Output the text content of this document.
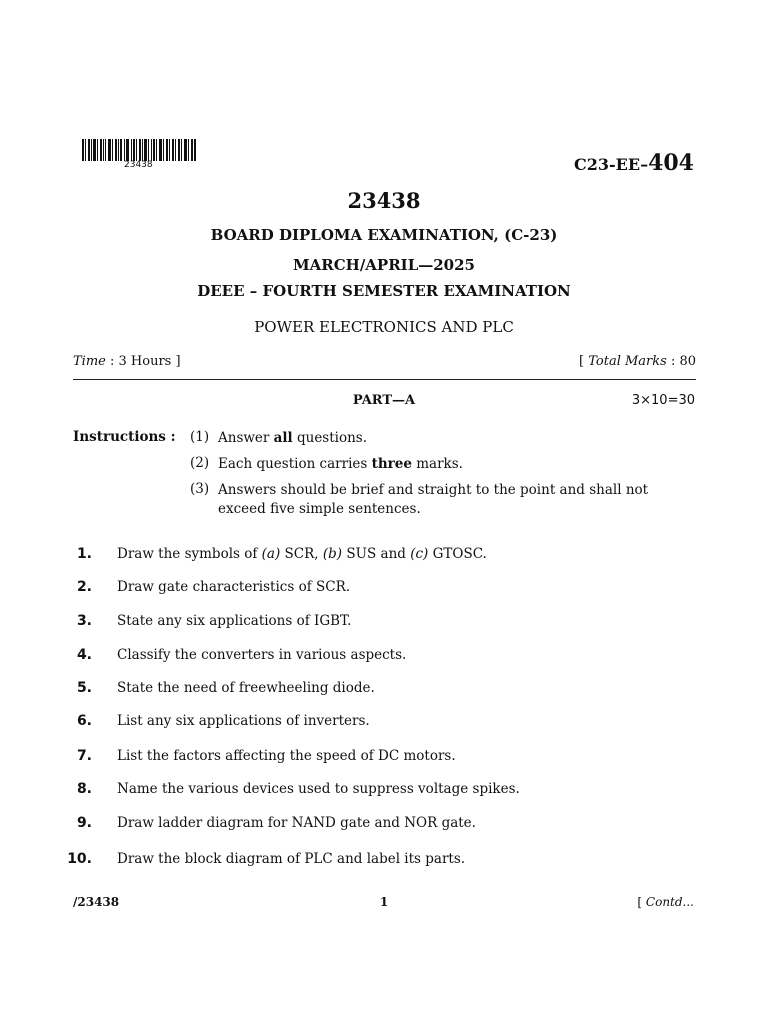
23438	C23-EE–404
23438
BOARD DIPLOMA EXAMINATION, (C-23)
MARCH/APRIL—2025
DEEE – FOURTH SEMESTER EXAMINATION
POWER ELECTRONICS AND PLC
Time : 3 Hours ]	[ Total Marks : 80
PART—A	3×10=30
Instructions : (1) Answer all questions.
(2) Each question carries three marks.
(3) Answers should be brief and straight to the point and shall not exceed five simple sentences.
1. Draw the symbols of (a) SCR, (b) SUS and (c) GTOSC.
2. Draw gate characteristics of SCR.
3. State any six applications of IGBT.
4. Classify the converters in various aspects.
5. State the need of freewheeling diode.
6. List any six applications of inverters.
7. List the factors affecting the speed of DC motors.
8. Name the various devices used to suppress voltage spikes.
9. Draw ladder diagram for NAND gate and NOR gate.
10. Draw the block diagram of PLC and label its parts.
/23438	1	[ Contd...
